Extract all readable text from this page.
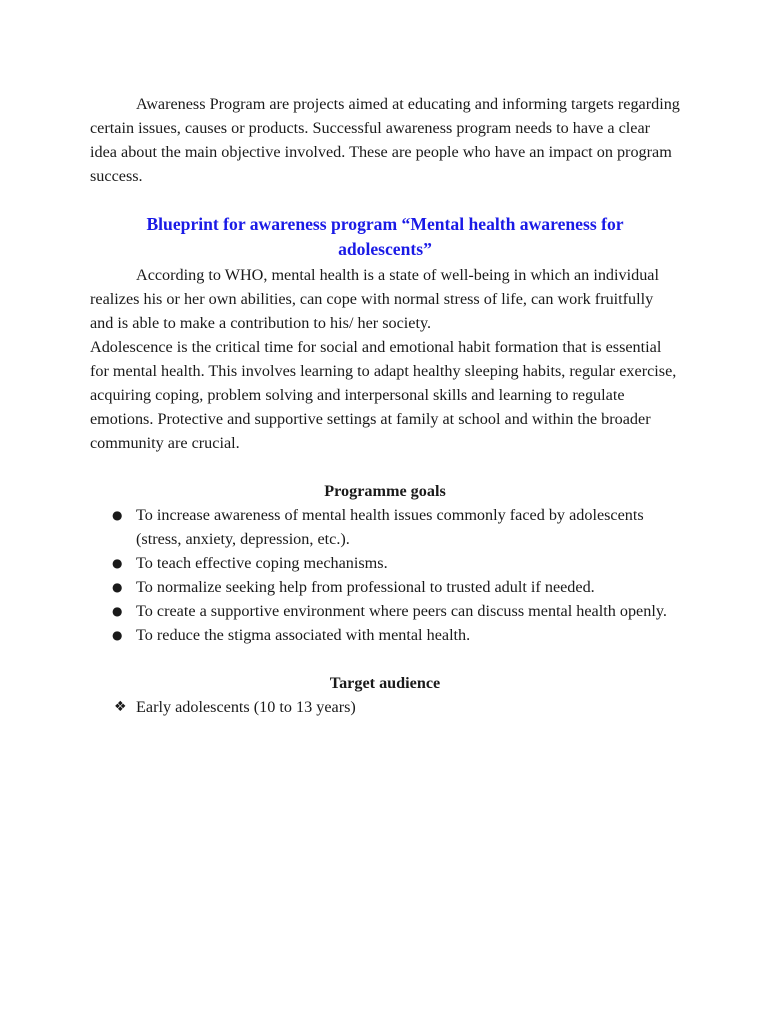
Awareness Program are projects aimed at educating and informing targets regarding certain issues, causes or products. Successful awareness program needs to have a clear idea about the main objective involved. These are people who have an impact on program success.

Blueprint for awareness program “Mental health awareness for
adolescents”

According to WHO, mental health is a state of well-being in which an individual realizes his or her own abilities, can cope with normal stress of life, can work fruitfully and is able to make a contribution to his/ her society.

Adolescence is the critical time for social and emotional habit formation that is essential for mental health. This involves learning to adapt healthy sleeping habits, regular exercise, acquiring coping, problem solving and interpersonal skills and learning to regulate emotions. Protective and supportive settings at family at school and within the broader community are crucial.

Programme goals
● To increase awareness of mental health issues commonly faced by adolescents (stress, anxiety, depression, etc.).
● To teach effective coping mechanisms.
● To normalize seeking help from professional to trusted adult if needed.
● To create a supportive environment where peers can discuss mental health openly.
● To reduce the stigma associated with mental health.
Target audience
❖ Early adolescents (10 to 13 years)
